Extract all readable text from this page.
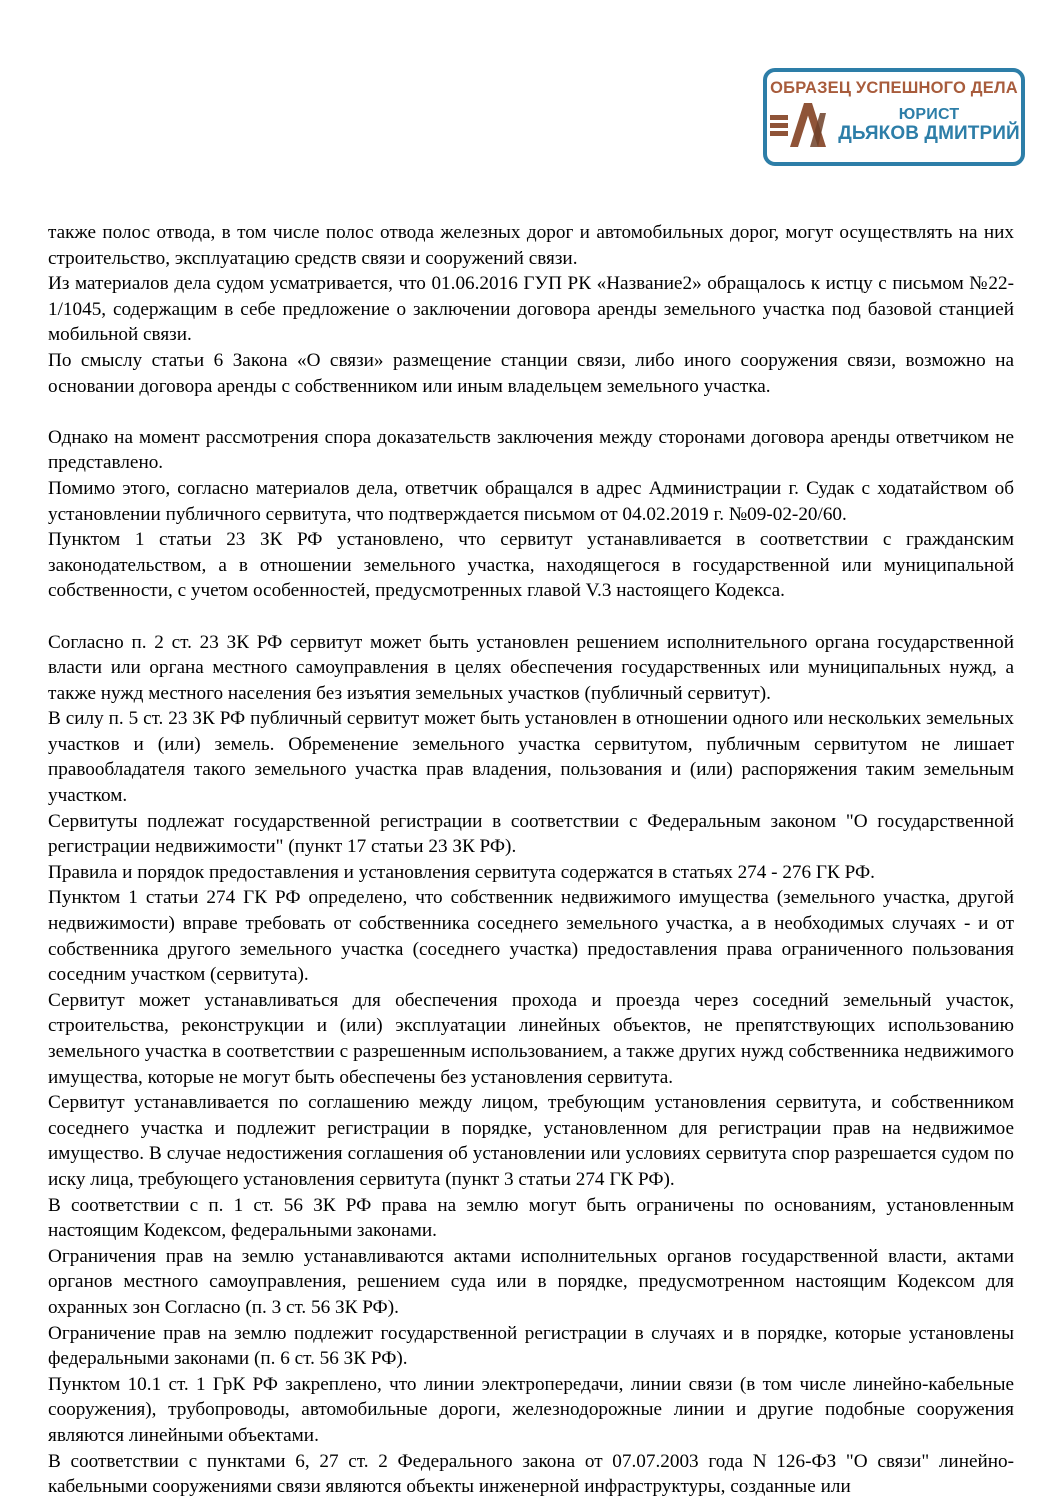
ОБРАЗЕЦ УСПЕШНОГО ДЕЛА
ЮРИСТ
ДЬЯКОВ ДМИТРИЙ

также полос отвода, в том числе полос отвода железных дорог и автомобильных дорог, могут осуществлять на них строительство, эксплуатацию средств связи и сооружений связи.

Из материалов дела судом усматривается, что 01.06.2016 ГУП РК «Название2» обращалось к истцу с письмом №22-1/1045, содержащим в себе предложение о заключении договора аренды земельного участка под базовой станцией мобильной связи.

По смыслу статьи 6 Закона «О связи» размещение станции связи, либо иного сооружения связи, возможно на основании договора аренды с собственником или иным владельцем земельного участка.

Однако на момент рассмотрения спора доказательств заключения между сторонами договора аренды ответчиком не представлено.

Помимо этого, согласно материалов дела, ответчик обращался в адрес Администрации г. Судак с ходатайством об установлении публичного сервитута, что подтверждается письмом от 04.02.2019 г. №09-02-20/60.

Пунктом 1 статьи 23 ЗК РФ установлено, что сервитут устанавливается в соответствии с гражданским законодательством, а в отношении земельного участка, находящегося в государственной или муниципальной собственности, с учетом особенностей, предусмотренных главой V.3 настоящего Кодекса.

Согласно п. 2 ст. 23 ЗК РФ сервитут может быть установлен решением исполнительного органа государственной власти или органа местного самоуправления в целях обеспечения государственных или муниципальных нужд, а также нужд местного населения без изъятия земельных участков (публичный сервитут).

В силу п. 5 ст. 23 ЗК РФ публичный сервитут может быть установлен в отношении одного или нескольких земельных участков и (или) земель. Обременение земельного участка сервитутом, публичным сервитутом не лишает правообладателя такого земельного участка прав владения, пользования и (или) распоряжения таким земельным участком.

Сервитуты подлежат государственной регистрации в соответствии с Федеральным законом "О государственной регистрации недвижимости" (пункт 17 статьи 23 ЗК РФ).

Правила и порядок предоставления и установления сервитута содержатся в статьях 274 - 276 ГК РФ.

Пунктом 1 статьи 274 ГК РФ определено, что собственник недвижимого имущества (земельного участка, другой недвижимости) вправе требовать от собственника соседнего земельного участка, а в необходимых случаях - и от собственника другого земельного участка (соседнего участка) предоставления права ограниченного пользования соседним участком (сервитута).

Сервитут может устанавливаться для обеспечения прохода и проезда через соседний земельный участок, строительства, реконструкции и (или) эксплуатации линейных объектов, не препятствующих использованию земельного участка в соответствии с разрешенным использованием, а также других нужд собственника недвижимого имущества, которые не могут быть обеспечены без установления сервитута.

Сервитут устанавливается по соглашению между лицом, требующим установления сервитута, и собственником соседнего участка и подлежит регистрации в порядке, установленном для регистрации прав на недвижимое имущество. В случае недостижения соглашения об установлении или условиях сервитута спор разрешается судом по иску лица, требующего установления сервитута (пункт 3 статьи 274 ГК РФ).

В соответствии с п. 1 ст. 56 ЗК РФ права на землю могут быть ограничены по основаниям, установленным настоящим Кодексом, федеральными законами.

Ограничения прав на землю устанавливаются актами исполнительных органов государственной власти, актами органов местного самоуправления, решением суда или в порядке, предусмотренном настоящим Кодексом для охранных зон Согласно (п. 3 ст. 56 ЗК РФ).

Ограничение прав на землю подлежит государственной регистрации в случаях и в порядке, которые установлены федеральными законами (п. 6 ст. 56 ЗК РФ).

Пунктом 10.1 ст. 1 ГрК РФ закреплено, что линии электропередачи, линии связи (в том числе линейно-кабельные сооружения), трубопроводы, автомобильные дороги, железнодорожные линии и другие подобные сооружения являются линейными объектами.

В соответствии с пунктами 6, 27 ст. 2 Федерального закона от 07.07.2003 года N 126-ФЗ "О связи" линейно-кабельными сооружениями связи являются объекты инженерной инфраструктуры, созданные или
